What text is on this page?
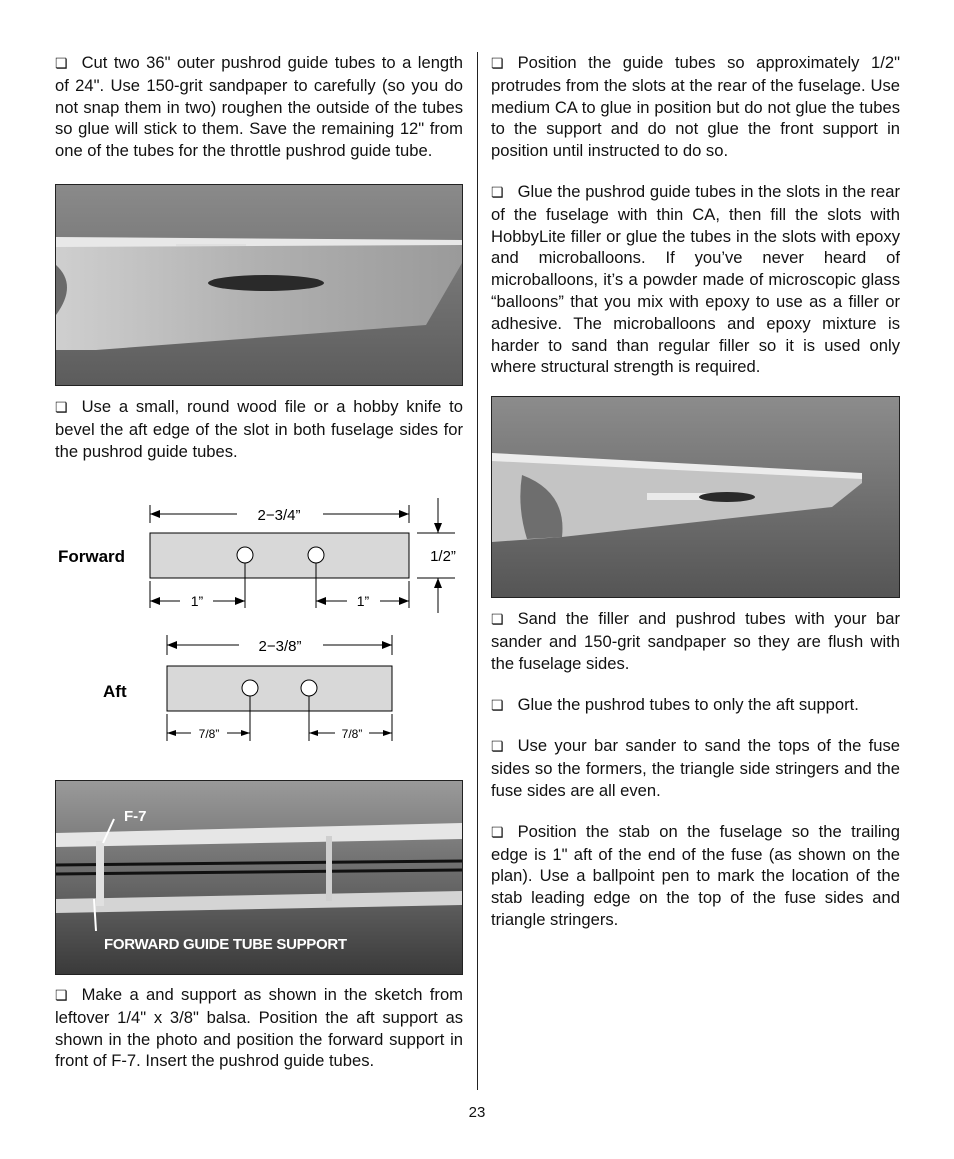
❏ Cut two 36" outer pushrod guide tubes to a length of 24". Use 150-grit sandpaper to carefully (so you do not snap them in two) roughen the outside of the tubes so glue will stick to them. Save the remaining 12" from one of the tubes for the throttle pushrod guide tube.

❏ Use a small, round wood file or a hobby knife to bevel the aft edge of the slot in both fuselage sides for the pushrod guide tubes.

Forward
2−3/4”
1/2”
1”	1”
Aft
2−3/8”
7/8”	7/8”
F-7
FORWARD GUIDE TUBE SUPPORT

❏ Make a and support as shown in the sketch from leftover 1/4" x 3/8" balsa. Position the aft support as shown in the photo and position the forward support in front of F-7. Insert the pushrod guide tubes.

❏ Position the guide tubes so approximately 1/2" protrudes from the slots at the rear of the fuselage. Use medium CA to glue in position but do not glue the tubes to the support and do not glue the front support in position until instructed to do so.

❏ Glue the pushrod guide tubes in the slots in the rear of the fuselage with thin CA, then fill the slots with HobbyLite filler or glue the tubes in the slots with epoxy and microballoons. If you’ve never heard of microballoons, it’s a powder made of microscopic glass “balloons” that you mix with epoxy to use as a filler or adhesive. The microballoons and epoxy mixture is harder to sand than regular filler so it is used only where structural strength is required.

❏ Sand the filler and pushrod tubes with your bar sander and 150-grit sandpaper so they are flush with the fuselage sides.

❏ Glue the pushrod tubes to only the aft support.

❏ Use your bar sander to sand the tops of the fuse sides so the formers, the triangle side stringers and the fuse sides are all even.

❏ Position the stab on the fuselage so the trailing edge is 1" aft of the end of the fuse (as shown on the plan). Use a ballpoint pen to mark the location of the stab leading edge on the top of the fuse sides and triangle stringers.

23
